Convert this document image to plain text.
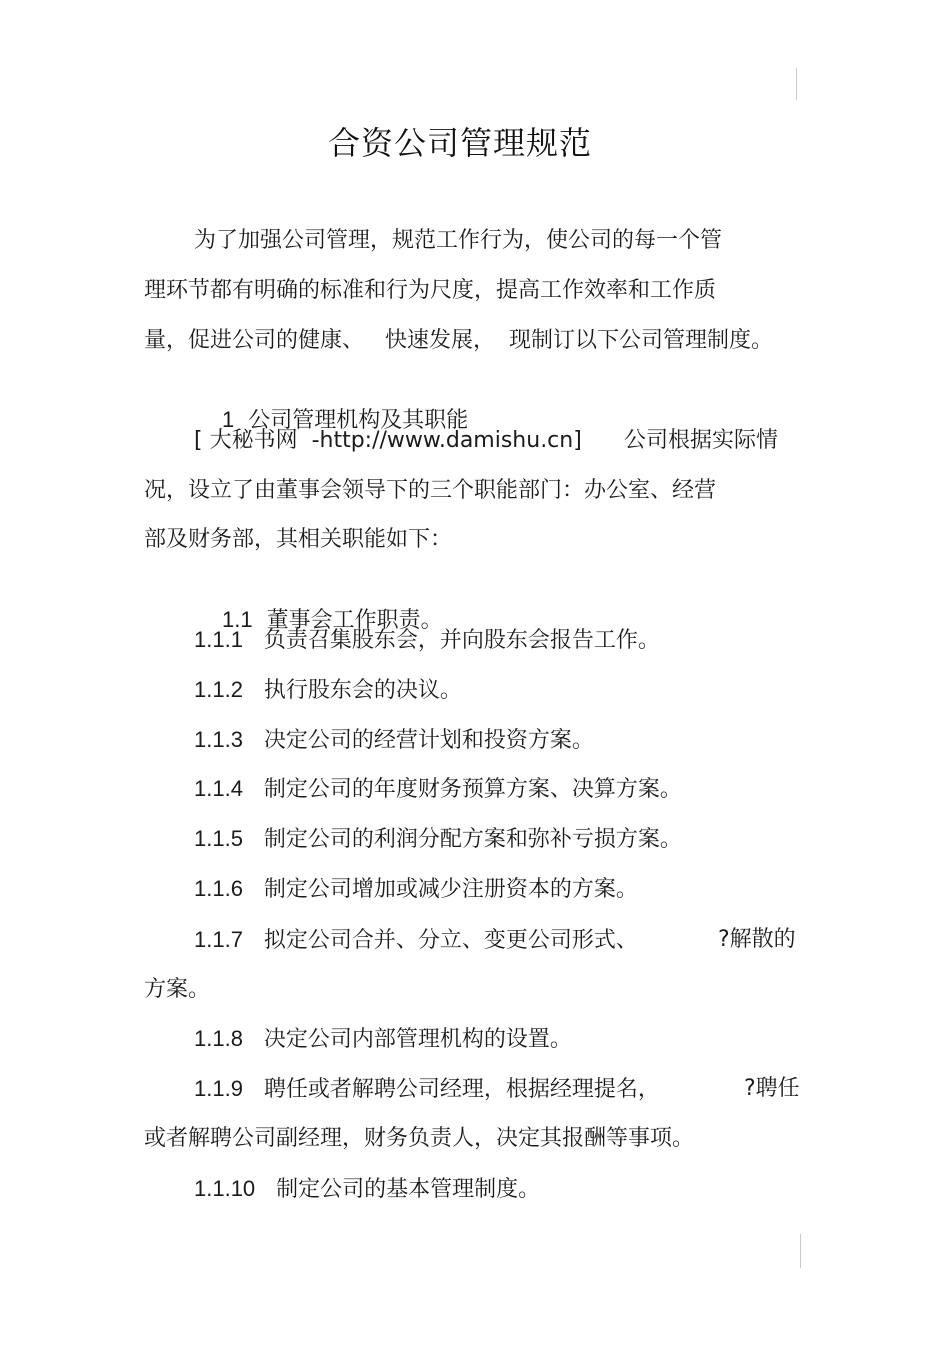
合资公司管理规范
为了加强公司管理，规范工作行为，使公司的每一个管
理环节都有明确的标准和行为尺度，提高工作效率和工作质
量，促进公司的健康、   快速发展，  现制订以下公司管理制度。

1 公司管理机构及其职能

[ 大秘书网  -http://www.damishu.cn] 公司根据实际情
况，设立了由董事会领导下的三个职能部门：办公室、经营
部及财务部，其相关职能如下：

1.1 董事会工作职责。

1.1.1 负责召集股东会，并向股东会报告工作。
1.1.2 执行股东会的决议。
1.1.3 决定公司的经营计划和投资方案。
1.1.4 制定公司的年度财务预算方案、决算方案。
1.1.5 制定公司的利润分配方案和弥补亏损方案。
1.1.6 制定公司增加或减少注册资本的方案。
1.1.7 拟定公司合并、分立、变更公司形式、	?解散的
方案。
1.1.8 决定公司内部管理机构的设置。
1.1.9 聘任或者解聘公司经理，根据经理提名，	?聘任
或者解聘公司副经理，财务负责人，决定其报酬等事项。
1.1.10 制定公司的基本管理制度。
